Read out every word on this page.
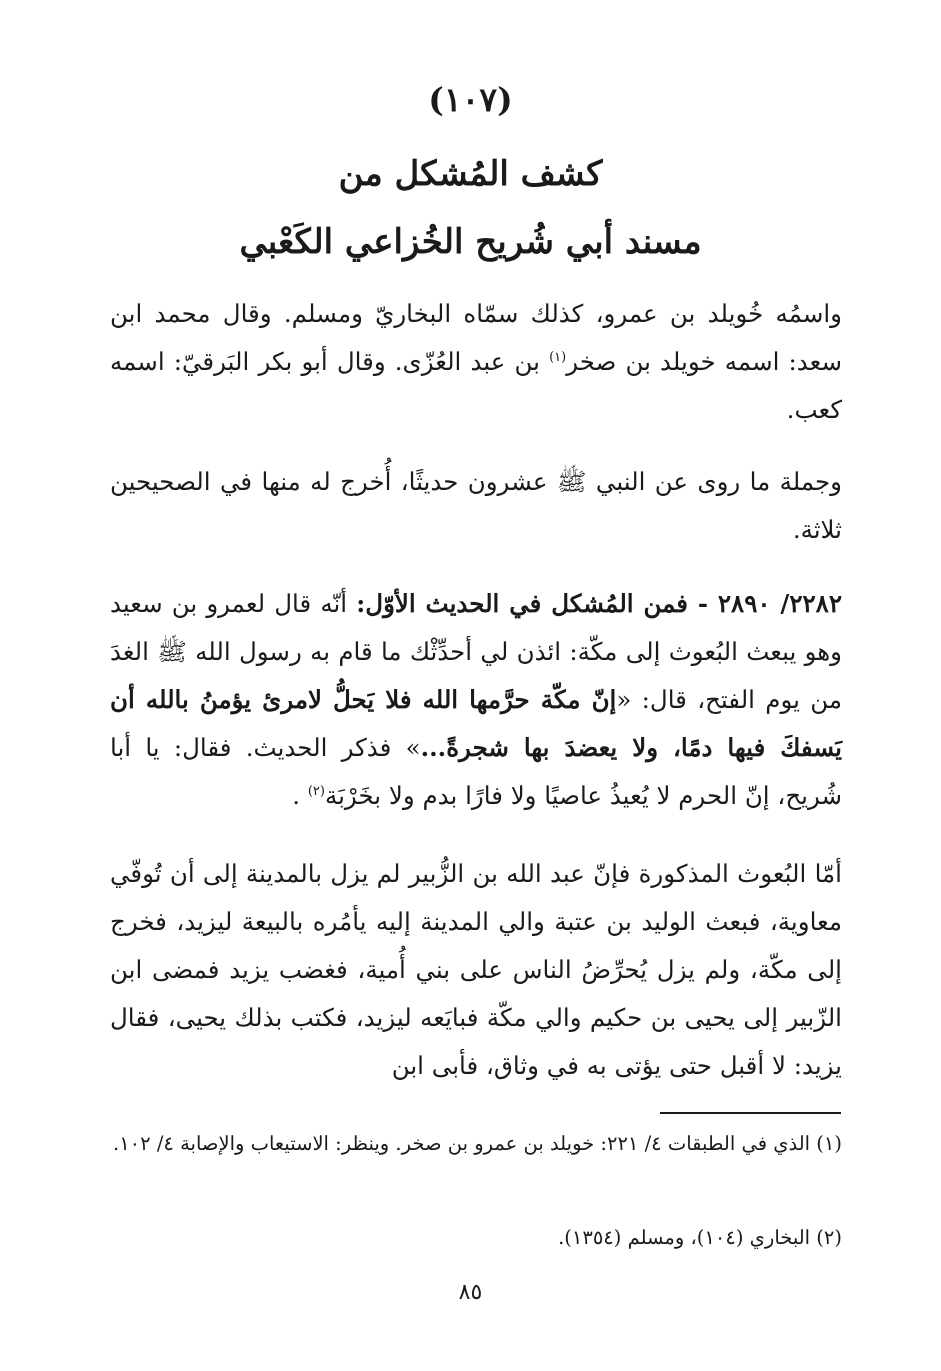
(١٠٧)
كشف المُشكل من
مسند أبي شُريح الخُزاعي الكَعْبي

واسمُه خُويلد بن عمرو، كذلك سمّاه البخاريّ ومسلم. وقال محمد ابن سعد: اسمه خويلد بن صخر$^{(١)}$ بن عبد العُزّى. وقال أبو بكر البَرقيّ: اسمه كعب.

وجملة ما روى عن النبي ﷺ عشرون حديثًا، أُخرج له منها في الصحيحين ثلاثة.

٢٢٨٢/ ٢٨٩٠ - فمن المُشكل في الحديث الأوّل: أنّه قال لعمرو بن سعيد وهو يبعث البُعوث إلى مكّة: ائذن لي أحدِّثْك ما قام به رسول الله ﷺ الغدَ من يوم الفتح، قال: «إنّ مكّة حرَّمها الله فلا يَحلُّ لامرئ يؤمنُ بالله أن يَسفكَ فيها دمًا، ولا يعضدَ بها شجرةً...» فذكر الحديث. فقال: يا أبا شُريح، إنّ الحرم لا يُعيذُ عاصيًا ولا فارًا بدم ولا بخَرْبَة$^{(٢)}$ .

أمّا البُعوث المذكورة فإنّ عبد الله بن الزُّبير لم يزل بالمدينة إلى أن تُوفّي معاوية، فبعث الوليد بن عتبة والي المدينة إليه يأمُره بالبيعة ليزيد، فخرج إلى مكّة، ولم يزل يُحرِّضُ الناس على بني أُمية، فغضب يزيد فمضى ابن الزّبير إلى يحيى بن حكيم والي مكّة فبايَعه ليزيد، فكتب بذلك يحيى، فقال يزيد: لا أقبل حتى يؤتى به في وثاق، فأبى ابن

(١) الذي في الطبقات ٤/ ٢٢١: خويلد بن عمرو بن صخر. وينظر: الاستيعاب والإصابة ٤/ ١٠٢.
(٢) البخاري (١٠٤)، ومسلم (١٣٥٤).
٨٥
